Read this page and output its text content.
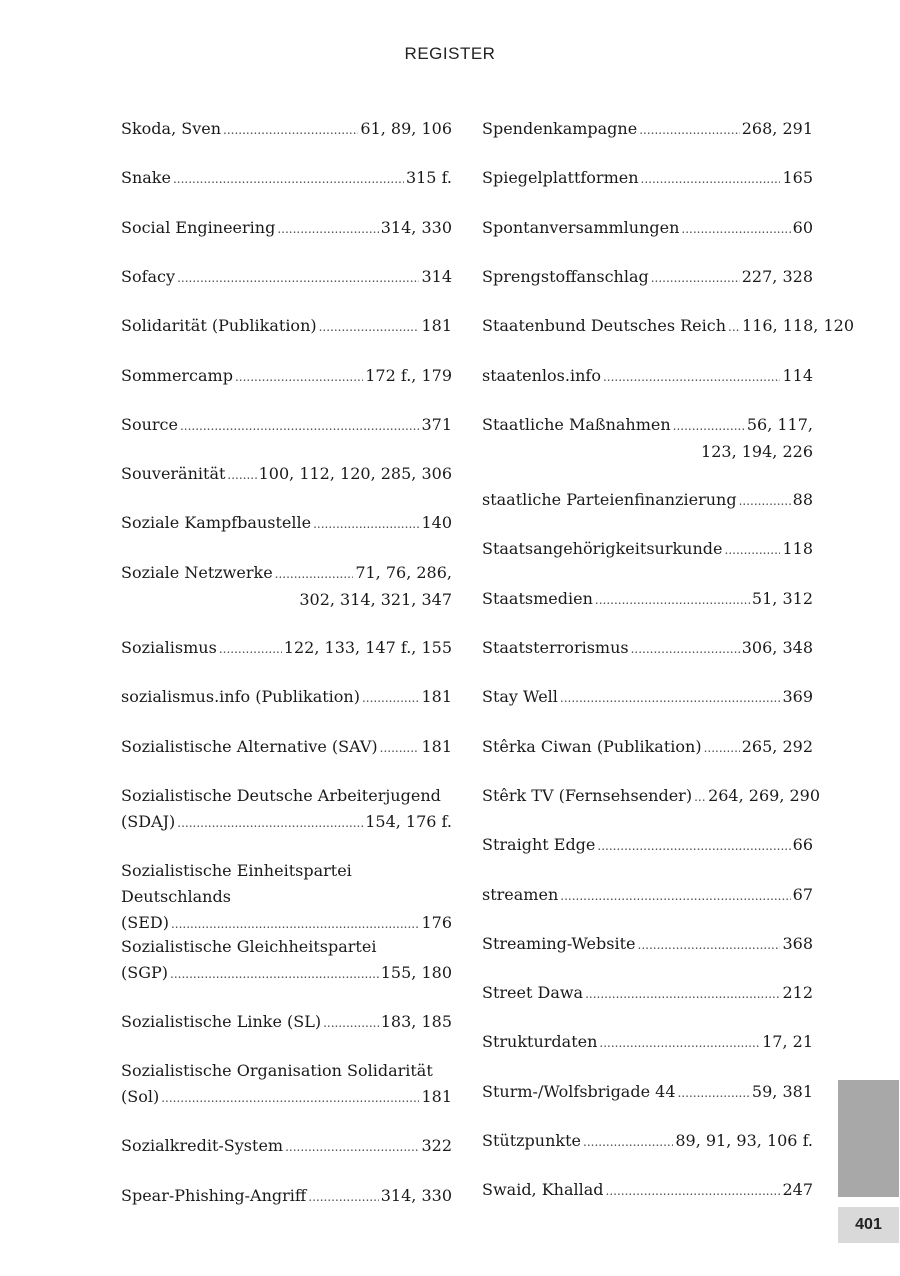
REGISTER
Skoda, Sven .....	61, 89, 106
Snake .....	315 f.
Social Engineering .....	314, 330
Sofacy .....	314
Solidarität (Publikation) .....	181
Sommercamp .....	172 f., 179
Source .....	371
Souveränität ..... 100, 112, 120, 285, 306
Soziale Kampfbaustelle .....	140
Soziale Netzwerke .....	71, 76, 286,
302, 314, 321, 347
Sozialismus .....	122, 133, 147 f., 155
sozialismus.info (Publikation) .....	181
Sozialistische Alternative (SAV) .....	181
Sozialistische Deutsche Arbeiterjugend
(SDAJ) .....	154, 176 f.
Sozialistische Einheitspartei Deutschlands
(SED) .....	176
Sozialistische Gleichheitspartei
(SGP) .....	155, 180
Sozialistische Linke (SL) .....	183, 185
Sozialistische Organisation Solidarität
(Sol) .....	181
Sozialkredit-System .....	322
Spear-Phishing-Angriff .....	314, 330
Spendenkampagne .....	268, 291
Spiegelplattformen .....	165
Spontanversammlungen .....	60
Sprengstoffanschlag .....	227, 328
Staatenbund Deutsches Reich ..... 116, 118, 120
staatenlos.info .....	114
Staatliche Maßnahmen .....	56, 117,
123, 194, 226
staatliche Parteienfinanzierung .....	88
Staatsangehörigkeitsurkunde .....	118
Staatsmedien .....	51, 312
Staatsterrorismus .....	306, 348
Stay Well .....	369
Stêrka Ciwan (Publikation) .....	265, 292
Stêrk TV (Fernsehsender) ..... 264, 269, 290
Straight Edge .....	66
streamen .....	67
Streaming-Website .....	368
Street Dawa .....	212
Strukturdaten .....	17, 21
Sturm-/Wolfsbrigade 44 .....	59, 381
Stützpunkte .....	89, 91, 93, 106 f.
Swaid, Khallad .....	247
401
